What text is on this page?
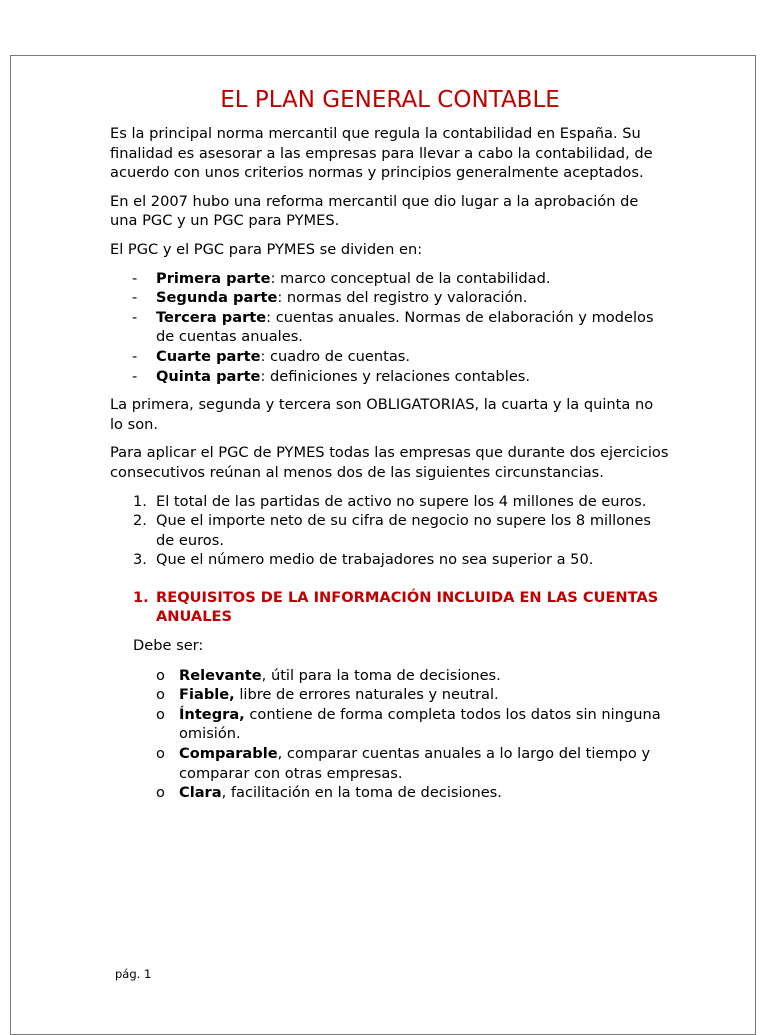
EL PLAN GENERAL CONTABLE

Es la principal norma mercantil que regula la contabilidad en España. Su finalidad es asesorar a las empresas para llevar a cabo la contabilidad, de acuerdo con unos criterios normas y principios generalmente aceptados.

En el 2007 hubo una reforma mercantil que dio lugar a la aprobación de una PGC y un PGC para PYMES.

El PGC y el PGC para PYMES se dividen en:

- Primera parte: marco conceptual de la contabilidad.
- Segunda parte: normas del registro y valoración.
- Tercera parte: cuentas anuales. Normas de elaboración y modelos de cuentas anuales.
- Cuarte parte: cuadro de cuentas.
- Quinta parte: definiciones y relaciones contables.

La primera, segunda y tercera son OBLIGATORIAS, la cuarta y la quinta no lo son.

Para aplicar el PGC de PYMES todas las empresas que durante dos ejercicios consecutivos reúnan al menos dos de las siguientes circunstancias.

1. El total de las partidas de activo no supere los 4 millones de euros.
2. Que el importe neto de su cifra de negocio no supere los 8 millones de euros.
3. Que el número medio de trabajadores no sea superior a 50.
1. REQUISITOS DE LA INFORMACIÓN INCLUIDA EN LAS CUENTAS ANUALES

Debe ser:

o Relevante, útil para la toma de decisiones.
o Fiable, libre de errores naturales y neutral.
o Íntegra, contiene de forma completa todos los datos sin ninguna omisión.
o Comparable, comparar cuentas anuales a lo largo del tiempo y comparar con otras empresas.
o Clara, facilitación en la toma de decisiones.
pág. 1
